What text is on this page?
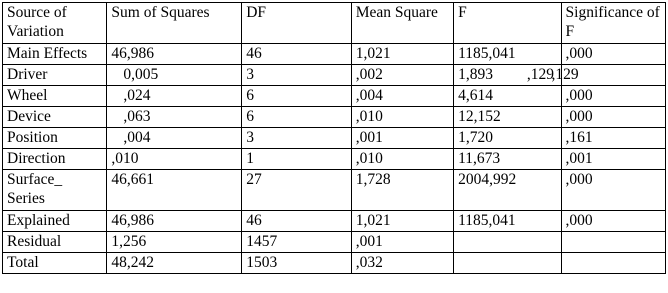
Source of Variation	Sum of Squares	DF	Mean Square	F	Significance of F
Main Effects	46,986	46	1,021	1185,041	,000
Driver	0,005	3	,002	1,893 ,129	,129
Wheel	,024	6	,004	4,614	,000
Device	,063	6	,010	12,152	,000
Position	,004	3	,001	1,720	,161
Direction	,010	1	,010	11,673	,001
Surface_ Series	46,661	27	1,728	2004,992	,000
Explained	46,986	46	1,021	1185,041	,000
Residual	1,256	1457	,001		
Total	48,242	1503	,032		
